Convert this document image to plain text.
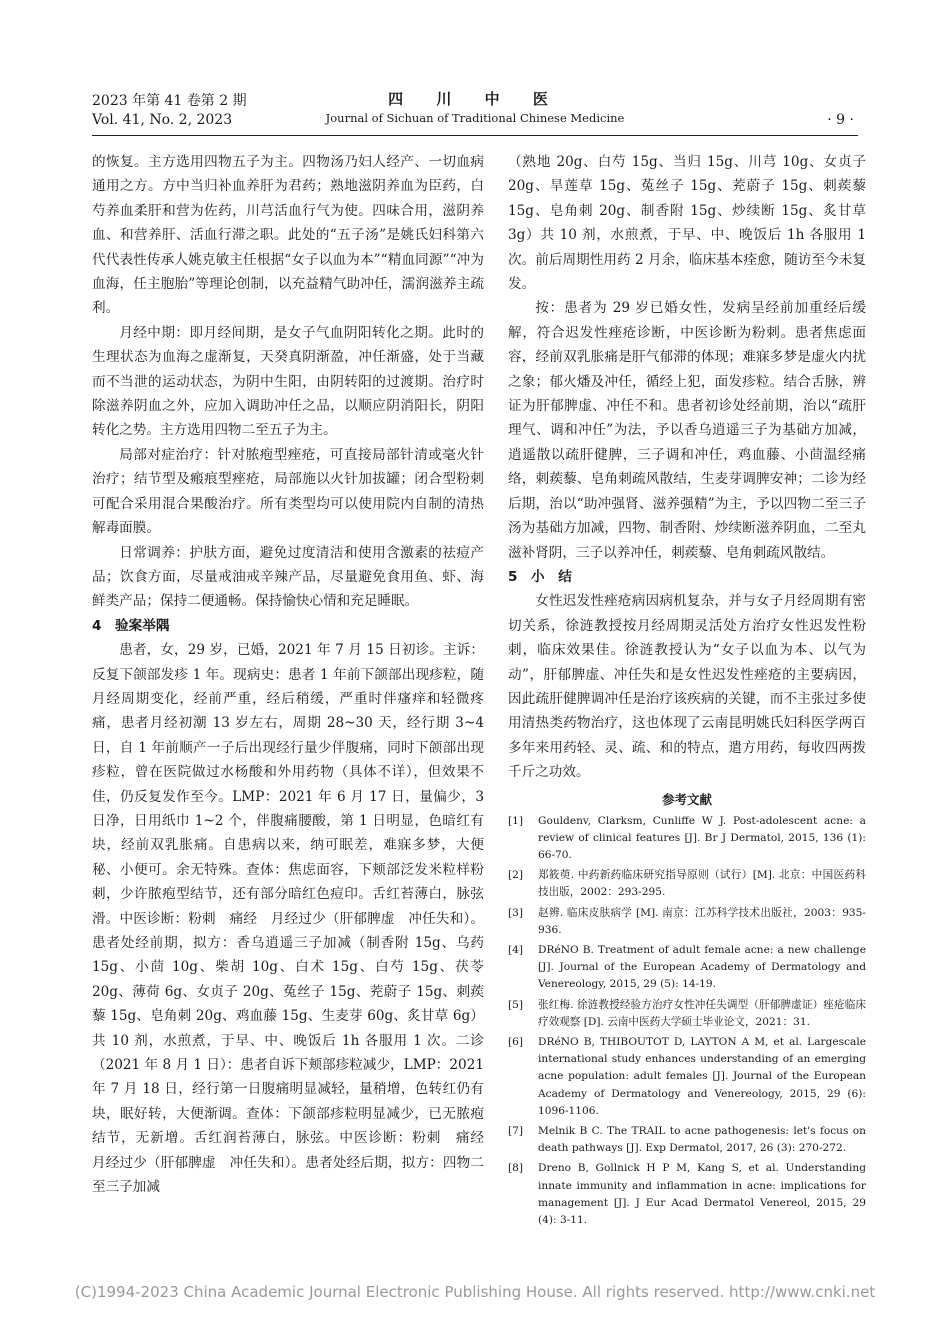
2023 年第 41 卷第 2 期
Vol. 41, No. 2, 2023
四 川 中 医
Journal of Sichuan of Traditional Chinese Medicine	· 9 ·

的恢复。主方选用四物五子为主。四物汤乃妇人经产、一切血病通用之方。方中当归补血养肝为君药；熟地滋阴养血为臣药，白芍养血柔肝和营为佐药，川芎活血行气为使。四味合用，滋阴养血、和营养肝、活血行滞之职。此处的“五子汤”是姚氏妇科第六代代表性传承人姚克敏主任根据“女子以血为本”“精血同源”“冲为血海，任主胞胎”等理论创制，以充益精气助冲任，濡润滋养主疏利。

月经中期：即月经间期，是女子气血阴阳转化之期。此时的生理状态为血海之虚渐复，天癸真阴渐盈，冲任渐盛，处于当藏而不当泄的运动状态，为阴中生阳，由阴转阳的过渡期。治疗时除滋养阴血之外，应加入调助冲任之品，以顺应阴消阳长，阴阳转化之势。主方选用四物二至五子为主。

局部对症治疗：针对脓疱型痤疮，可直接局部针清或毫火针治疗；结节型及瘢痕型痤疮，局部施以火针加拔罐；闭合型粉刺可配合采用混合果酸治疗。所有类型均可以使用院内自制的清热解毒面膜。

日常调养：护肤方面，避免过度清洁和使用含激素的祛痘产品；饮食方面，尽量戒油戒辛辣产品，尽量避免食用鱼、虾、海鲜类产品；保持二便通畅。保持愉快心情和充足睡眠。

4　验案举隅

患者，女，29 岁，已婚，2021 年 7 月 15 日初诊。主诉：反复下颌部发疹 1 年。现病史：患者 1 年前下颌部出现疹粒，随月经周期变化，经前严重，经后稍缓，严重时伴瘙痒和轻微疼痛，患者月经初潮 13 岁左右，周期 28~30 天，经行期 3~4 日，自 1 年前顺产一子后出现经行量少伴腹痛，同时下颌部出现疹粒，曾在医院做过水杨酸和外用药物（具体不详），但效果不佳，仍反复发作至今。LMP：2021 年 6 月 17 日，量偏少，3 日净，日用纸巾 1~2 个，伴腹痛腰酸，第 1 日明显，色暗红有块，经前双乳胀痛。自患病以来，纳可眠差，难寐多梦，大便秘、小便可。余无特殊。查体：焦虑面容，下颊部泛发米粒样粉刺，少许脓疱型结节，还有部分暗红色痘印。舌红苔薄白，脉弦滑。中医诊断：粉刺　痛经　月经过少（肝郁脾虚　冲任失和）。患者处经前期，拟方：香乌逍遥三子加减（制香附 15g、乌药 15g、小茴 10g、柴胡 10g、白术 15g、白芍 15g、茯苓 20g、薄荷 6g、女贞子 20g、菟丝子 15g、茺蔚子 15g、刺蒺藜 15g、皂角刺 20g、鸡血藤 15g、生麦芽 60g、炙甘草 6g）共 10 剂，水煎煮，于早、中、晚饭后 1h 各服用 1 次。二诊（2021 年 8 月 1 日）：患者自诉下颊部疹粒减少，LMP：2021 年 7 月 18 日，经行第一日腹痛明显减轻，量稍增，色转红仍有块，眠好转，大便渐调。查体：下颌部疹粒明显减少，已无脓疱结节，无新增。舌红润苔薄白，脉弦。中医诊断：粉刺　痛经　月经过少（肝郁脾虚　冲任失和）。患者处经后期，拟方：四物二至三子加减

（熟地 20g、白芍 15g、当归 15g、川芎 10g、女贞子 20g、旱莲草 15g、菟丝子 15g、茺蔚子 15g、刺蒺藜 15g、皂角刺 20g、制香附 15g、炒续断 15g、炙甘草 3g）共 10 剂，水煎煮，于早、中、晚饭后 1h 各服用 1 次。前后周期性用药 2 月余，临床基本痊愈，随访至今未复发。

按：患者为 29 岁已婚女性，发病呈经前加重经后缓解，符合迟发性痤疮诊断，中医诊断为粉刺。患者焦虑面容，经前双乳胀痛是肝气郁滞的体现；难寐多梦是虚火内扰之象；郁火燔及冲任，循经上犯，面发疹粒。结合舌脉，辨证为肝郁脾虚、冲任不和。患者初诊处经前期，治以“疏肝理气、调和冲任”为法，予以香乌逍遥三子为基础方加减，逍遥散以疏肝健脾，三子调和冲任，鸡血藤、小茴温经痛络，刺蒺藜、皂角刺疏风散结，生麦芽调脾安神；二诊为经后期，治以“助冲强肾、滋养强精”为主，予以四物二至三子汤为基础方加减，四物、制香附、炒续断滋养阴血，二至丸滋补肾阴，三子以养冲任，刺蒺藜、皂角刺疏风散结。

5　小　结

女性迟发性痤疮病因病机复杂，并与女子月经周期有密切关系，徐涟教授按月经周期灵活处方治疗女性迟发性粉刺，临床效果佳。徐涟教授认为“女子以血为本、以气为动”，肝郁脾虚、冲任失和是女性迟发性痤疮的主要病因，因此疏肝健脾调冲任是治疗该疾病的关键，而不主张过多使用清热类药物治疗，这也体现了云南昆明姚氏妇科医学两百多年来用药轻、灵、疏、和的特点，遣方用药，每收四两拨千斤之功效。

参考文献
[1]	Gouldenv, Clarksm, Cunliffe W J. Post-adolescent acne: a review of clinical features [J]. Br J Dermatol, 2015, 136 (1): 66-70.
[2]	郑筱萸. 中药新药临床研究指导原则（试行）[M]. 北京：中国医药科技出版，2002：293-295.
[3]	赵辨. 临床皮肤病学 [M]. 南京：江苏科学技术出版社，2003：935-936.
[4]	DRéNO B. Treatment of adult female acne: a new challenge [J]. Journal of the European Academy of Dermatology and Venereology, 2015, 29 (5): 14-19.
[5]	张红梅. 徐涟教授经验方治疗女性冲任失调型（肝郁脾虚证）痤疮临床疗效观察 [D]. 云南中医药大学硕士毕业论文，2021：31.
[6]	DRéNO B, THIBOUTOT D, LAYTON A M, et al. Largescale international study enhances understanding of an emerging acne population: adult females [J]. Journal of the European Academy of Dermatology and Venereology, 2015, 29 (6): 1096-1106.
[7]	Melnik B C. The TRAIL to acne pathogenesis: let's focus on death pathways [J]. Exp Dermatol, 2017, 26 (3): 270-272.
[8]	Dreno B, Gollnick H P M, Kang S, et al. Understanding innate immunity and inflammation in acne: implications for management [J]. J Eur Acad Dermatol Venereol, 2015, 29 (4): 3-11.
(C)1994-2023 China Academic Journal Electronic Publishing House. All rights reserved. http://www.cnki.net
